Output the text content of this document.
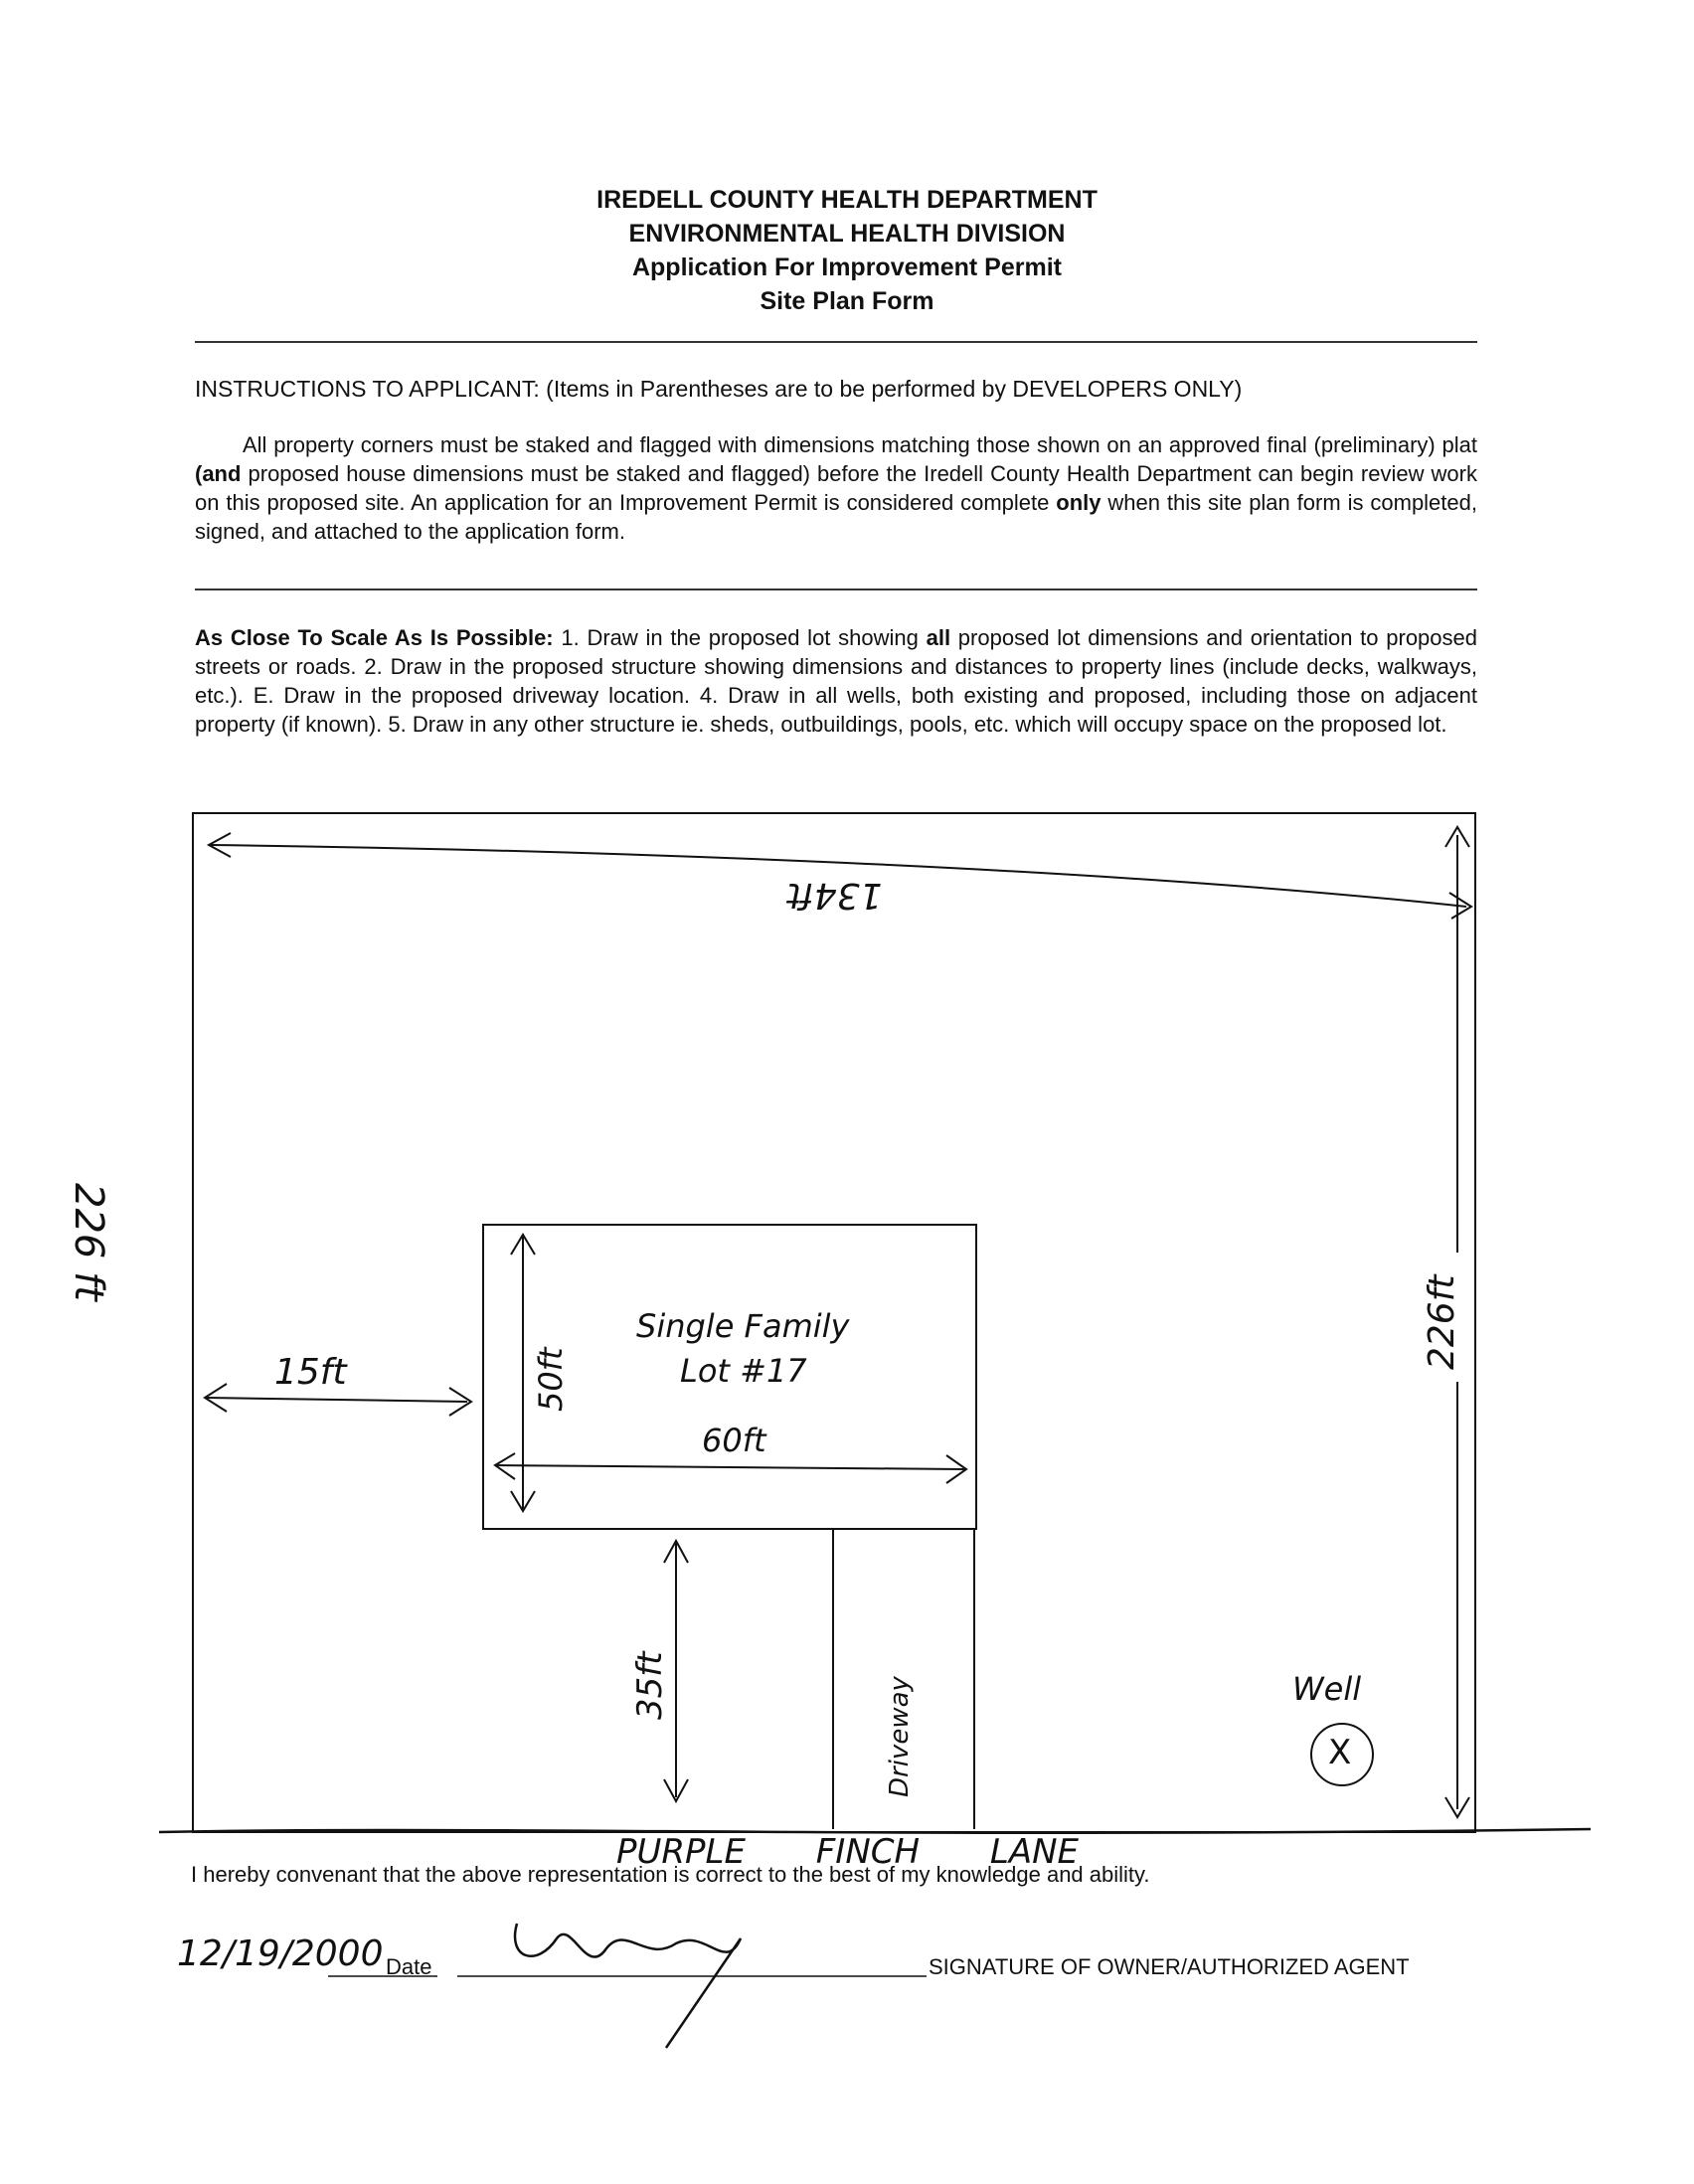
IREDELL COUNTY HEALTH DEPARTMENT
ENVIRONMENTAL HEALTH DIVISION
Application For Improvement Permit
Site Plan Form
INSTRUCTIONS TO APPLICANT: (Items in Parentheses are to be performed by DEVELOPERS ONLY)
All property corners must be staked and flagged with dimensions matching those shown on an approved final (preliminary) plat (and proposed house dimensions must be staked and flagged) before the Iredell County Health Department can begin review work on this proposed site. An application for an Improvement Permit is considered complete only when this site plan form is completed, signed, and attached to the application form.
As Close To Scale As Is Possible: 1. Draw in the proposed lot showing all proposed lot dimensions and orientation to proposed streets or roads. 2. Draw in the proposed structure showing dimensions and distances to property lines (include decks, walkways, etc.). E. Draw in the proposed driveway location. 4. Draw in all wells, both existing and proposed, including those on adjacent property (if known). 5. Draw in any other structure ie. sheds, outbuildings, pools, etc. which will occupy space on the proposed lot.
134ft
226 ft
226ft
15ft	50ft
Single Family
Lot #17
60ft
35ft	Driveway	Well
X
PURPLE FINCH LANE
I hereby convenant that the above representation is correct to the best of my knowledge and ability.
12/19/2000 Date	SIGNATURE OF OWNER/AUTHORIZED AGENT
